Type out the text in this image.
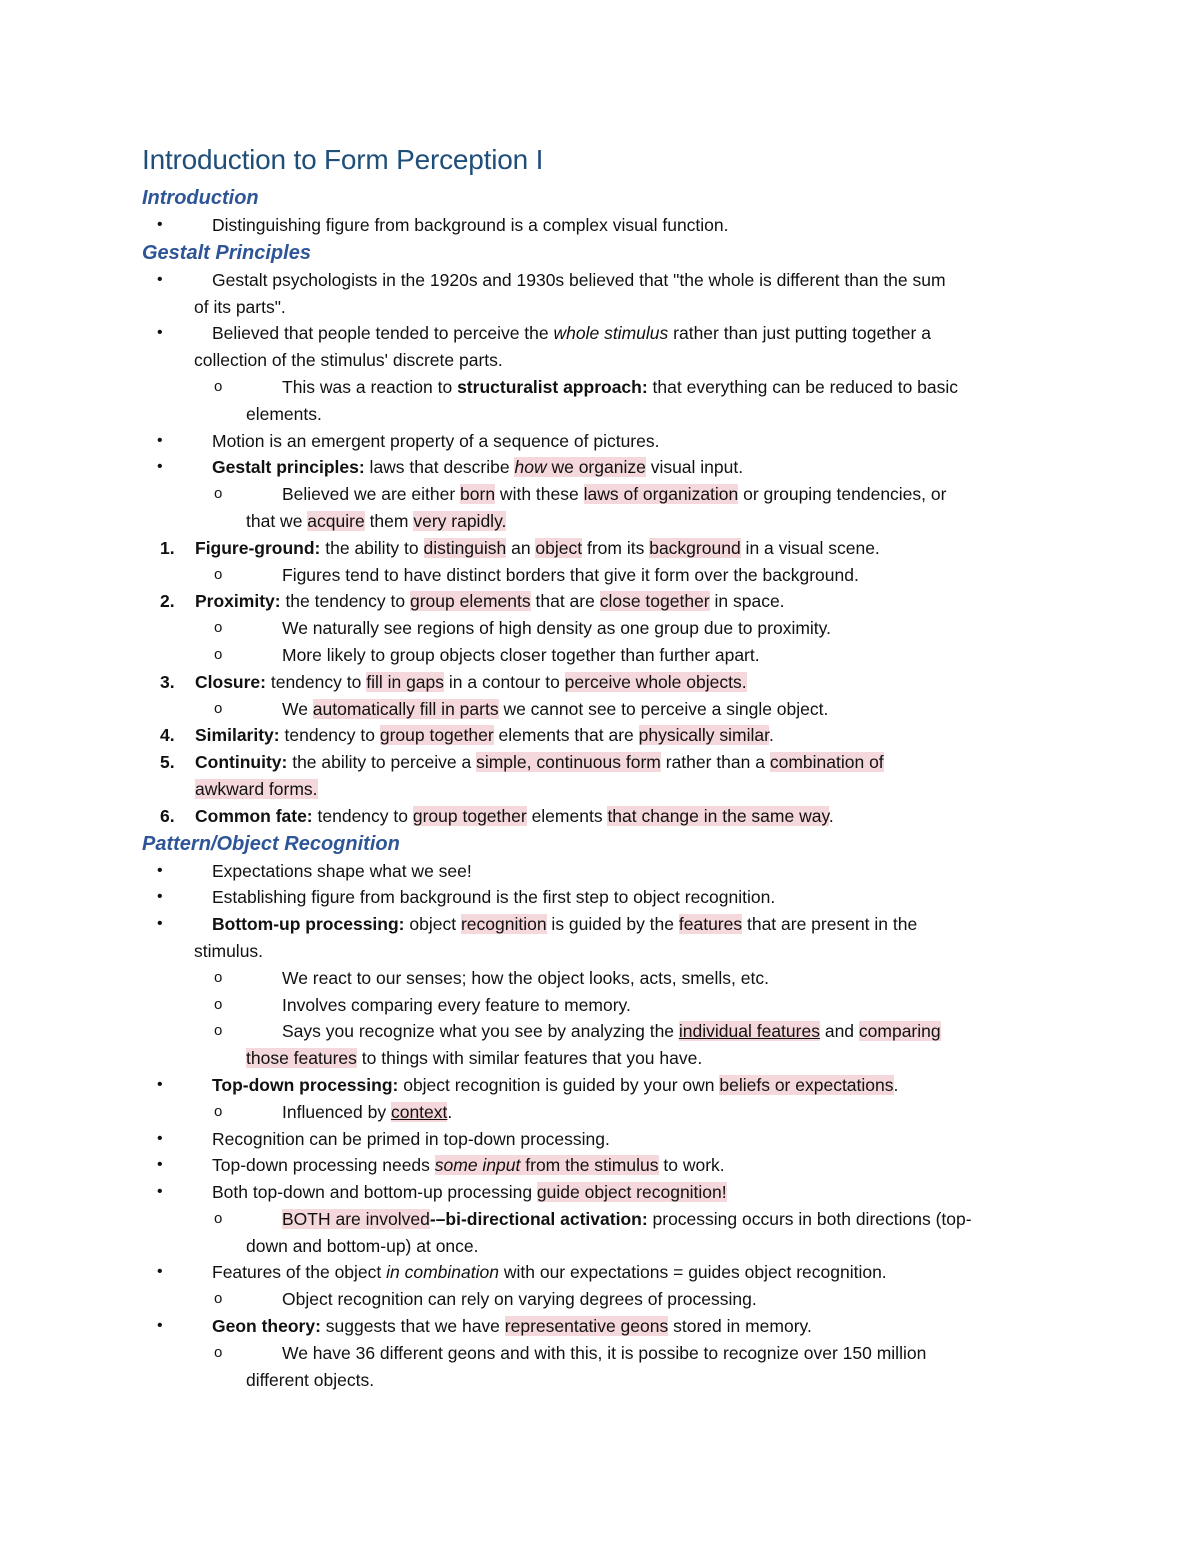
Introduction to Form Perception I
Introduction
•	Distinguishing figure from background is a complex visual function.
Gestalt Principles
•	Gestalt psychologists in the 1920s and 1930s believed that "the whole is different than the sum
of its parts".
•	Believed that people tended to perceive the whole stimulus rather than just putting together a
collection of the stimulus' discrete parts.
o	This was a reaction to structuralist approach: that everything can be reduced to basic
elements.
•	Motion is an emergent property of a sequence of pictures.
•	Gestalt principles: laws that describe how we organize visual input.
o	Believed we are either born with these laws of organization or grouping tendencies, or
that we acquire them very rapidly.
1. Figure-ground: the ability to distinguish an object from its background in a visual scene.
o	Figures tend to have distinct borders that give it form over the background.
2. Proximity: the tendency to group elements that are close together in space.
o	We naturally see regions of high density as one group due to proximity.
o	More likely to group objects closer together than further apart.
3. Closure: tendency to fill in gaps in a contour to perceive whole objects.
o	We automatically fill in parts we cannot see to perceive a single object.
4. Similarity: tendency to group together elements that are physically similar.
5. Continuity: the ability to perceive a simple, continuous form rather than a combination of
awkward forms.
6. Common fate: tendency to group together elements that change in the same way.
Pattern/Object Recognition
•	Expectations shape what we see!
•	Establishing figure from background is the first step to object recognition.
•	Bottom-up processing: object recognition is guided by the features that are present in the
stimulus.
o	We react to our senses; how the object looks, acts, smells, etc.
o	Involves comparing every feature to memory.
o	Says you recognize what you see by analyzing the individual features and comparing
those features to things with similar features that you have.
•	Top-down processing: object recognition is guided by your own beliefs or expectations.
o	Influenced by context.
•	Recognition can be primed in top-down processing.
•	Top-down processing needs some input from the stimulus to work.
•	Both top-down and bottom-up processing guide object recognition!
o	BOTH are involved-–bi-directional activation: processing occurs in both directions (top-
down and bottom-up) at once.
•	Features of the object in combination with our expectations = guides object recognition.
o	Object recognition can rely on varying degrees of processing.
•	Geon theory: suggests that we have representative geons stored in memory.
o	We have 36 different geons and with this, it is possibe to recognize over 150 million
different objects.
